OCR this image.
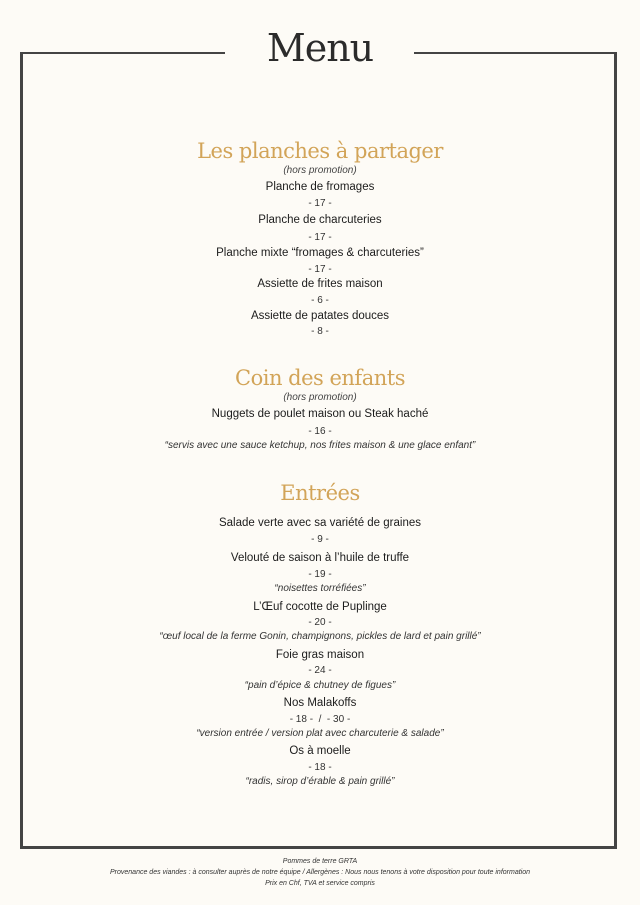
Menu
Les planches à partager
(hors promotion)
Planche de fromages
- 17 -
Planche de charcuteries
- 17 -
Planche mixte “fromages & charcuteries”
- 17 -
Assiette de frites maison
- 6 -
Assiette de patates douces
- 8 -
Coin des enfants
(hors promotion)
Nuggets de poulet maison ou Steak haché
- 16 -
“servis avec une sauce ketchup, nos frites maison & une glace enfant”
Entrées
Salade verte avec sa variété de graines
- 9 -
Velouté de saison à l’huile de truffe
- 19 -
“noisettes torréfiées”
L’Œuf cocotte de Puplinge
- 20 -
“œuf local de la ferme Gonin, champignons, pickles de lard et pain grillé”
Foie gras maison
- 24 -
“pain d’épice & chutney de figues”
Nos Malakoffs
- 18 -  /  - 30 -
“version entrée / version plat avec charcuterie & salade”
Os à moelle
- 18 -
“radis, sirop d’érable & pain grillé”
Pommes de terre GRTA
Provenance des viandes : à consulter auprès de notre équipe / Allergènes : Nous nous tenons à votre disposition pour toute information
Prix en Chf, TVA et service compris
